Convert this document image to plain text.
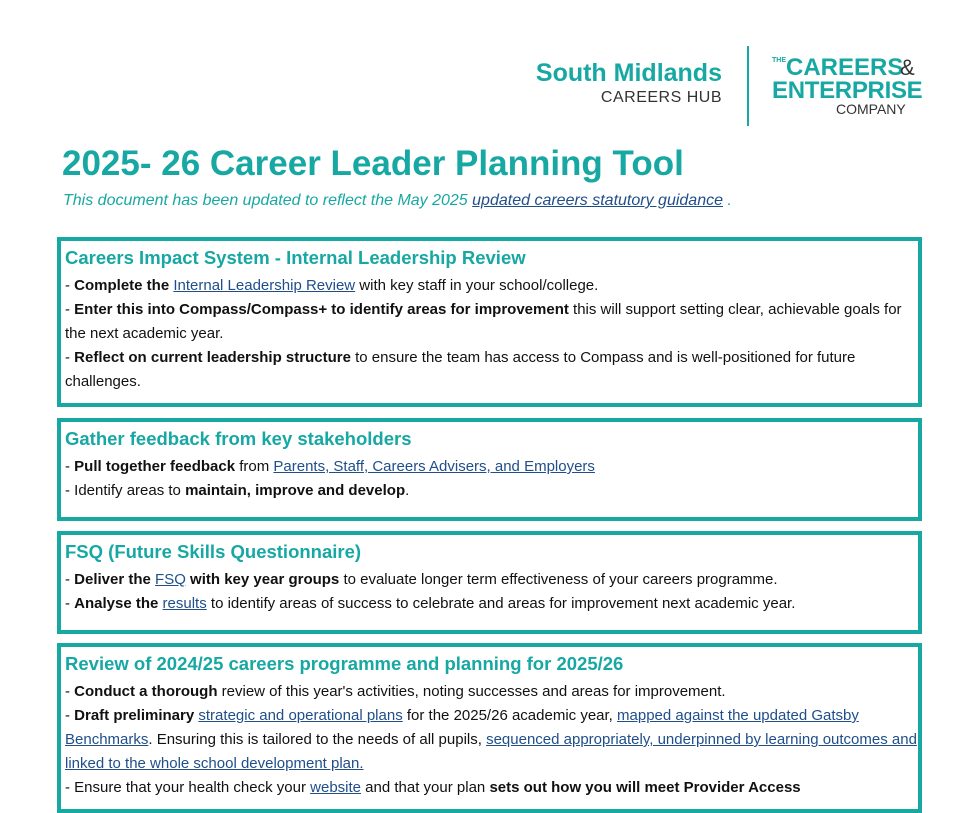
South Midlands
CAREERS HUB
THE CAREERS
&
ENTERPRISE
COMPANY
2025- 26 Career Leader Planning Tool
This document has been updated to reflect the May 2025 updated careers statutory guidance .
Careers Impact System - Internal Leadership Review

- Complete the Internal Leadership Review with key staff in your school/college.

- Enter this into Compass/Compass+ to identify areas for improvement this will support setting clear, achievable goals for the next academic year.

- Reflect on current leadership structure to ensure the team has access to Compass and is well-positioned for future challenges.

Gather feedback from key stakeholders

- Pull together feedback from Parents, Staff, Careers Advisers, and Employers

- Identify areas to maintain, improve and develop.

FSQ (Future Skills Questionnaire)

- Deliver the FSQ with key year groups to evaluate longer term effectiveness of your careers programme.

- Analyse the results to identify areas of success to celebrate and areas for improvement next academic year.

Review of 2024/25 careers programme and planning for 2025/26

- Conduct a thorough review of this year's activities, noting successes and areas for improvement.

- Draft preliminary strategic and operational plans for the 2025/26 academic year, mapped against the updated Gatsby Benchmarks. Ensuring this is tailored to the needs of all pupils, sequenced appropriately, underpinned by learning outcomes and linked to the whole school development plan.

- Ensure that your health check your website and that your plan sets out how you will meet Provider Access
